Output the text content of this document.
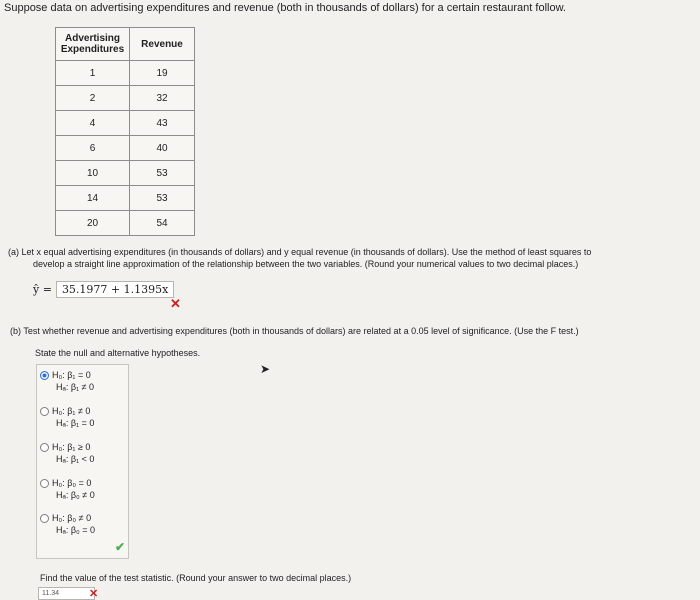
Suppose data on advertising expenditures and revenue (both in thousands of dollars) for a certain restaurant follow.
Advertising Expenditures	Revenue
1	19
2	32
4	43
6	40
10	53
14	53
20	54
(a) Let x equal advertising expenditures (in thousands of dollars) and y equal revenue (in thousands of dollars). Use the method of least squares to
develop a straight line approximation of the relationship between the two variables. (Round your numerical values to two decimal places.)
ŷ = 35.1977 + 1.1395x
✕
(b) Test whether revenue and advertising expenditures (both in thousands of dollars) are related at a 0.05 level of significance. (Use the F test.)
State the null and alternative hypotheses.
➤
H₀: β₁ = 0
Hₐ: β₁ ≠ 0
H₀: β₁ ≠ 0
Hₐ: β₁ = 0
H₀: β₁ ≥ 0
Hₐ: β₁ < 0
H₀: β₀ = 0
Hₐ: β₀ ≠ 0
H₀: β₀ ≠ 0
Hₐ: β₀ = 0
✔
Find the value of the test statistic. (Round your answer to two decimal places.)
11.34	✕
